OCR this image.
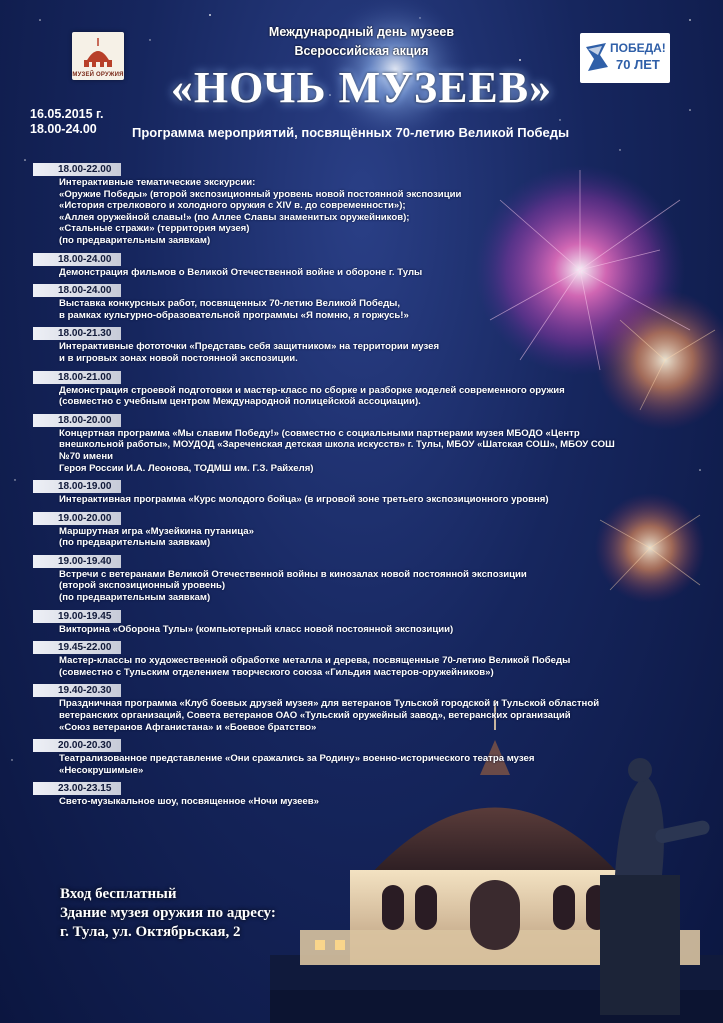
МУЗЕЙ ОРУЖИЯ
ПОБЕДА!
70 ЛЕТ
Международный день музеев
Всероссийская акция
«НОЧЬ МУЗЕЕВ»
16.05.2015 г.
18.00-24.00	Программа мероприятий, посвящённых 70-летию Великой Победы
18.00-22.00
Интерактивные тематические экскурсии:
«Оружие Победы» (второй экспозиционный уровень новой постоянной экспозиции
«История стрелкового и холодного оружия с XIV в. до современности»);
«Аллея оружейной славы!» (по Аллее Славы знаменитых оружейников);
«Стальные стражи» (территория музея)
(по предварительным заявкам)
18.00-24.00
Демонстрация фильмов о Великой Отечественной войне и обороне г. Тулы
18.00-24.00
Выставка конкурсных работ, посвященных 70-летию Великой Победы,
в рамках культурно-образовательной программы «Я помню, я горжусь!»
18.00-21.30
Интерактивные фототочки «Представь себя защитником» на территории музея
и в игровых зонах новой постоянной экспозиции.
18.00-21.00
Демонстрация строевой подготовки и мастер-класс по сборке и разборке моделей современного оружия
(совместно с учебным центром Международной полицейской ассоциации).
18.00-20.00
Концертная программа «Мы славим Победу!» (совместно с социальными партнерами музея МБОДО «Центр
внешкольной работы», МОУДОД «Зареченская детская школа искусств» г. Тулы, МБОУ «Шатская СОШ», МБОУ СОШ
№70 имени
Героя России И.А. Леонова, ТОДМШ им. Г.З. Райхеля)
18.00-19.00
Интерактивная программа «Курс молодого бойца» (в игровой зоне третьего экспозиционного уровня)
19.00-20.00
Маршрутная игра «Музейкина путаница»
(по предварительным заявкам)
19.00-19.40
Встречи с ветеранами Великой Отечественной войны в кинозалах новой постоянной экспозиции
(второй экспозиционный уровень)
(по предварительным заявкам)
19.00-19.45
Викторина «Оборона Тулы» (компьютерный класс новой постоянной экспозиции)
19.45-22.00
Мастер-классы по художественной обработке металла и дерева, посвященные 70-летию Великой Победы
(совместно с Тульским отделением творческого союза «Гильдия мастеров-оружейников»)
19.40-20.30
Праздничная программа «Клуб боевых друзей музея» для ветеранов Тульской городской и Тульской областной
ветеранских организаций, Совета ветеранов ОАО «Тульский оружейный завод», ветеранских организаций
«Союз ветеранов Афганистана» и «Боевое братство»
20.00-20.30
Театрализованное представление «Они сражались за Родину» военно-исторического театра музея
«Несокрушимые»
23.00-23.15
Свето-музыкальное шоу, посвященное «Ночи музеев»
Вход бесплатный
Здание музея оружия по адресу:
г. Тула, ул. Октябрьская, 2
